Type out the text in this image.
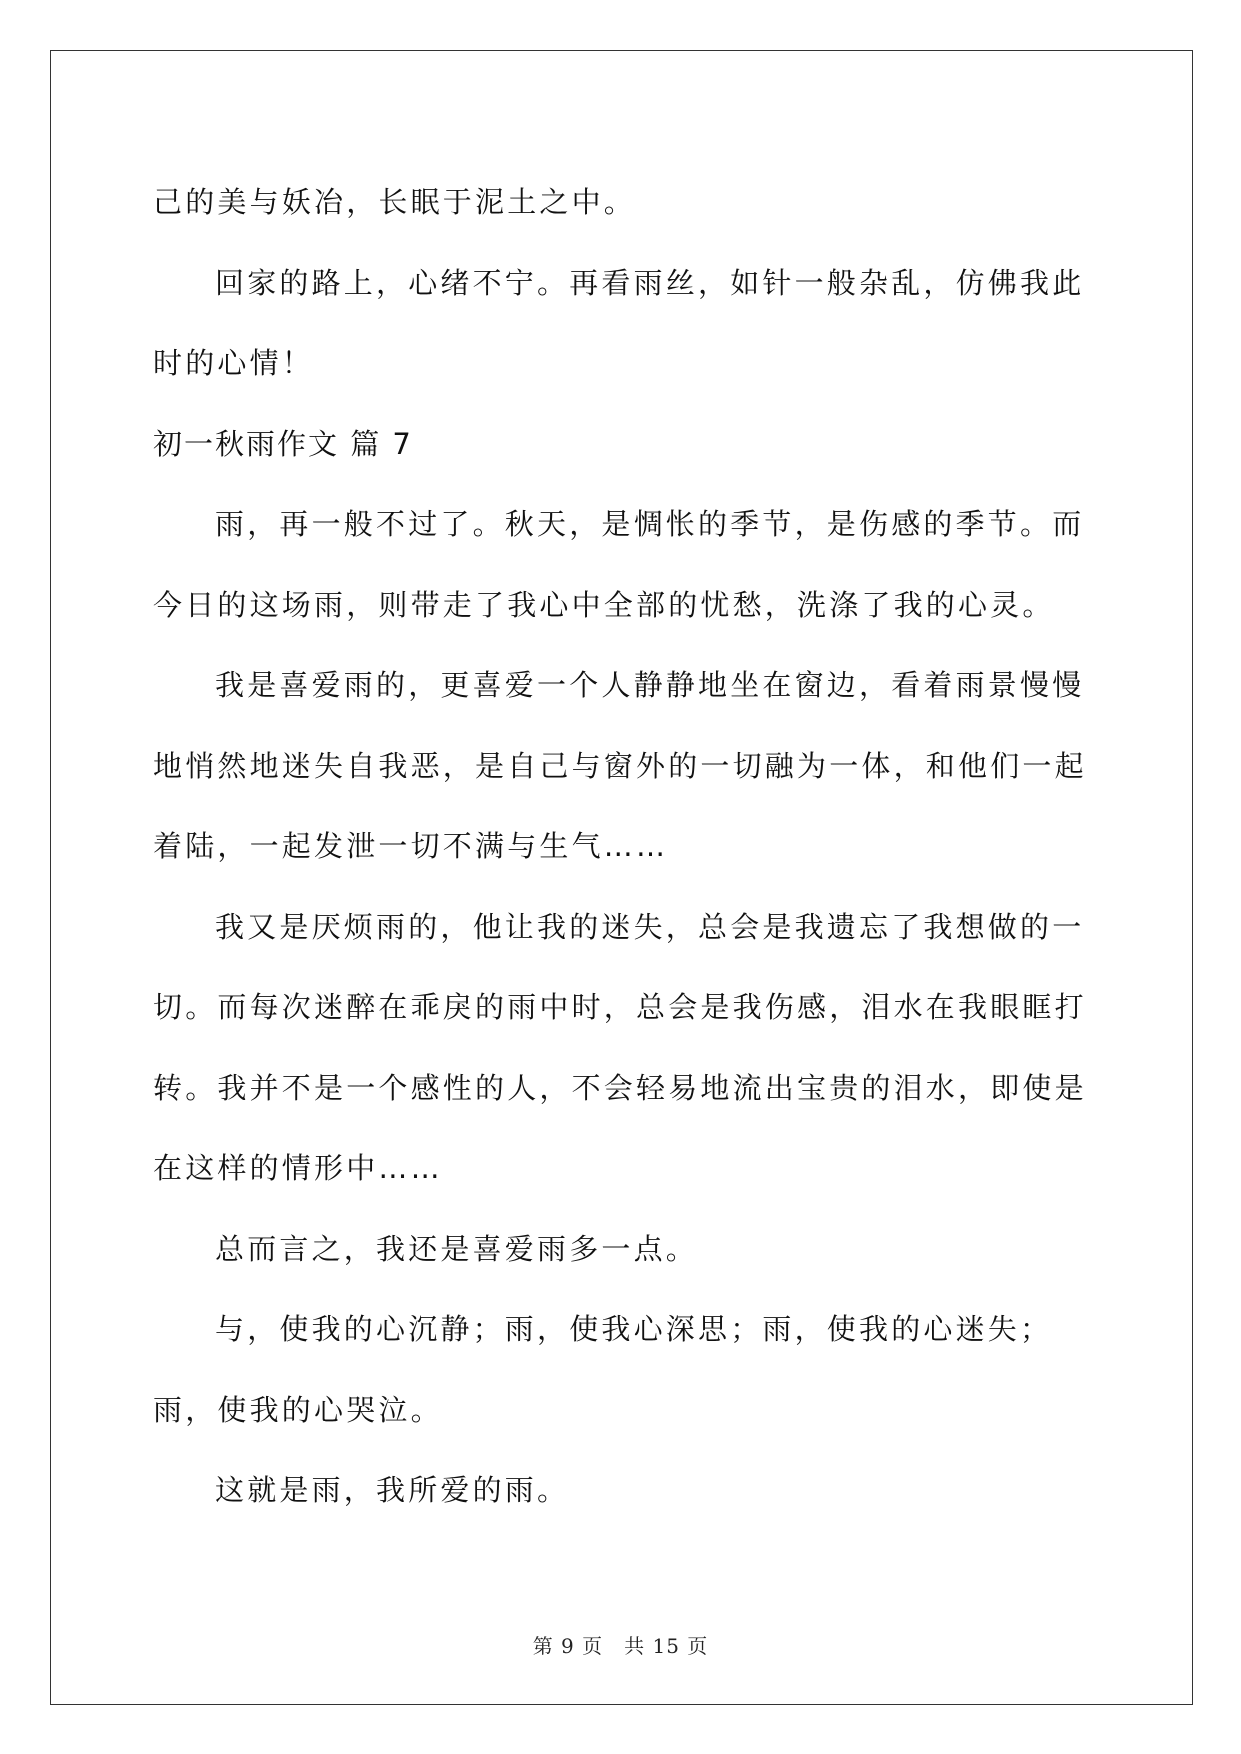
己的美与妖冶，长眠于泥土之中。

回家的路上，心绪不宁。再看雨丝，如针一般杂乱，仿佛我此时的心情！

初一秋雨作文 篇 7

雨，再一般不过了。秋天，是惆怅的季节，是伤感的季节。而今日的这场雨，则带走了我心中全部的忧愁，洗涤了我的心灵。

我是喜爱雨的，更喜爱一个人静静地坐在窗边，看着雨景慢慢地悄然地迷失自我恶，是自己与窗外的一切融为一体，和他们一起着陆，一起发泄一切不满与生气……

我又是厌烦雨的，他让我的迷失，总会是我遗忘了我想做的一切。而每次迷醉在乖戾的雨中时，总会是我伤感，泪水在我眼眶打转。我并不是一个感性的人，不会轻易地流出宝贵的泪水，即使是在这样的情形中……

总而言之，我还是喜爱雨多一点。

与，使我的心沉静；雨，使我心深思；雨，使我的心迷失；雨，使我的心哭泣。

这就是雨，我所爱的雨。

第 9 页　共 15 页
